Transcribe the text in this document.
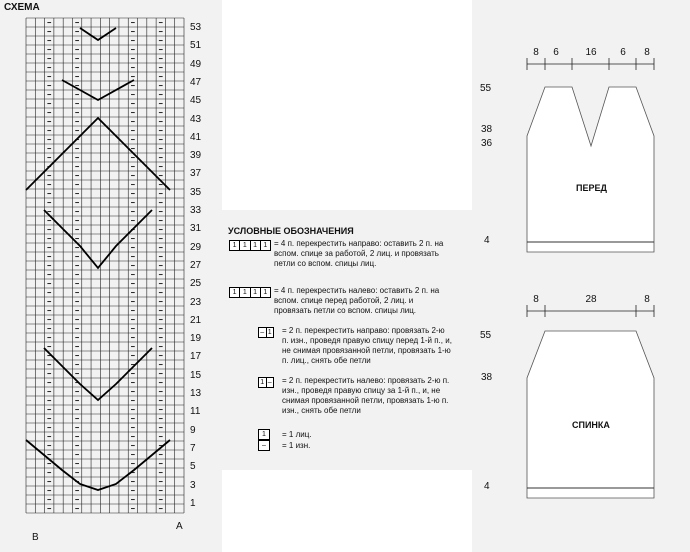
СХЕМА
53
51
49
47
45
43
41
39
37
35
33
31
29
27
25
23
21
19
17
15
13
11
9
7
5
3
1
B
A
УСЛОВНЫЕ ОБОЗНАЧЕНИЯ
1 1 1 1 = 4 п. перекрестить направо: оставить 2 п. на вспом. спице за работой, 2 лиц. и провязать петли со вспом. спицы лиц.
1 1 1 1 = 4 п. перекрестить налево: оставить 2 п. на вспом. спице перед работой, 2 лиц. и провязать петли со вспом. спицы лиц.
– 1 = 2 п. перекрестить направо: провязать 2-ю п. изн., проведя правую спицу перед 1-й п., и, не снимая провязанной петли, провязать 1-ю п. лиц., снять обе петли
1 – = 2 п. перекрестить налево: провязать 2-ю п. изн., проведя правую спицу за 1-й п., и, не снимая провязанной петли, провязать 1-ю п. изн., снять обе петли
1	= 1 лиц.
–	= 1 изн.
8 6	16 6 8
55
38
36
4
ПЕРЕД
8	28	8
55
38
4
СПИНКА
